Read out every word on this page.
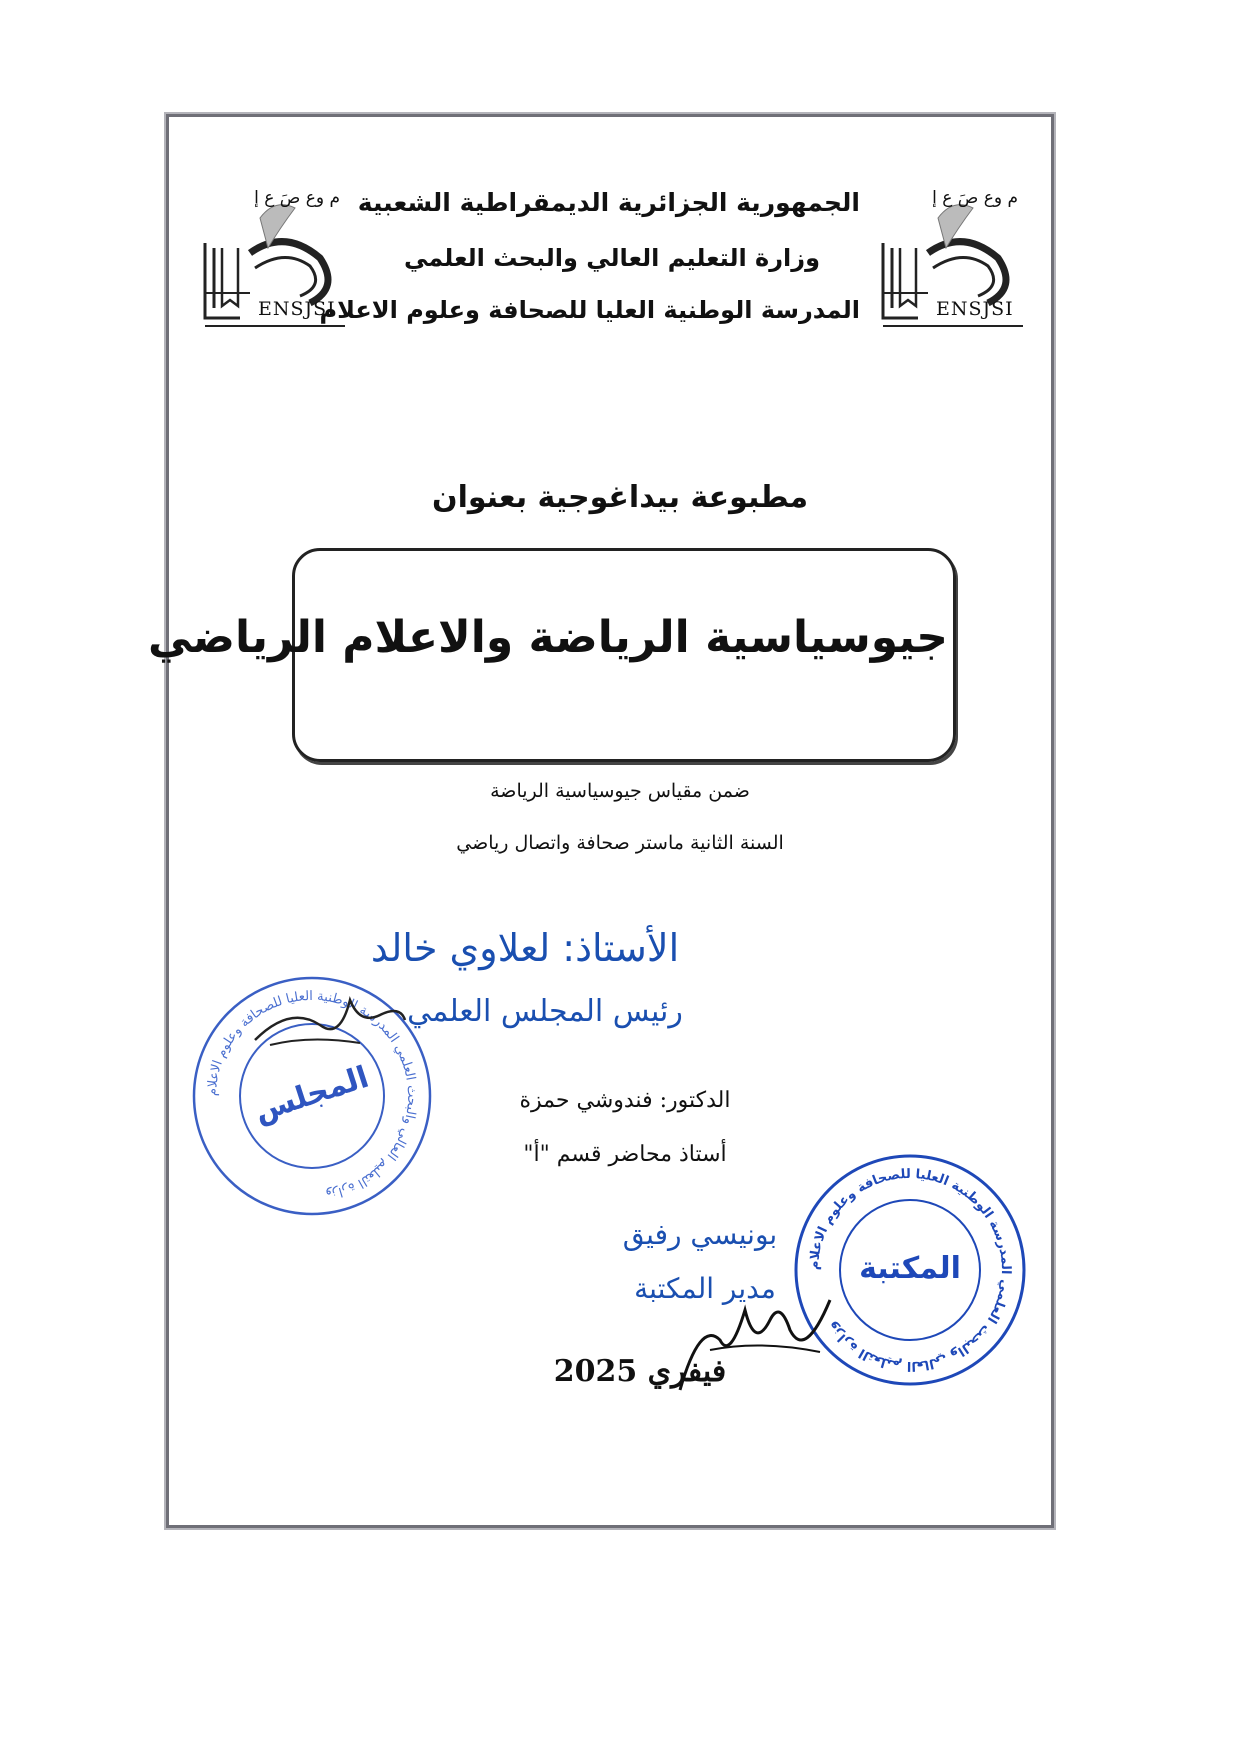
م وع صَ ع إ
ENSJSI
م وع صَ ع إ
ENSJSI
الجمهورية الجزائرية الديمقراطية الشعبية
وزارة التعليم العالي والبحث العلمي
المدرسة الوطنية العليا للصحافة وعلوم الاعلام
مطبوعة بيداغوجية بعنوان
جيوسياسية الرياضة والاعلام الرياضي
ضمن مقياس جيوسياسية الرياضة
السنة الثانية ماستر صحافة واتصال رياضي
الأستاذ: لعلاوي خالد
رئيس المجلس العلمي
الدكتور: فندوشي حمزة
أستاذ محاضر قسم "أ"
بونيسي رفيق
مدير المكتبة
فيفري 2025
وزارة التعليم العالي والبحث العلمي المدرسة الوطنية العليا للصحافة وعلوم الاعلام
المجلس
وزارة التعليم العالي والبحث العلمي المدرسة الوطنية العليا للصحافة وعلوم الاعلام
المكتبة
